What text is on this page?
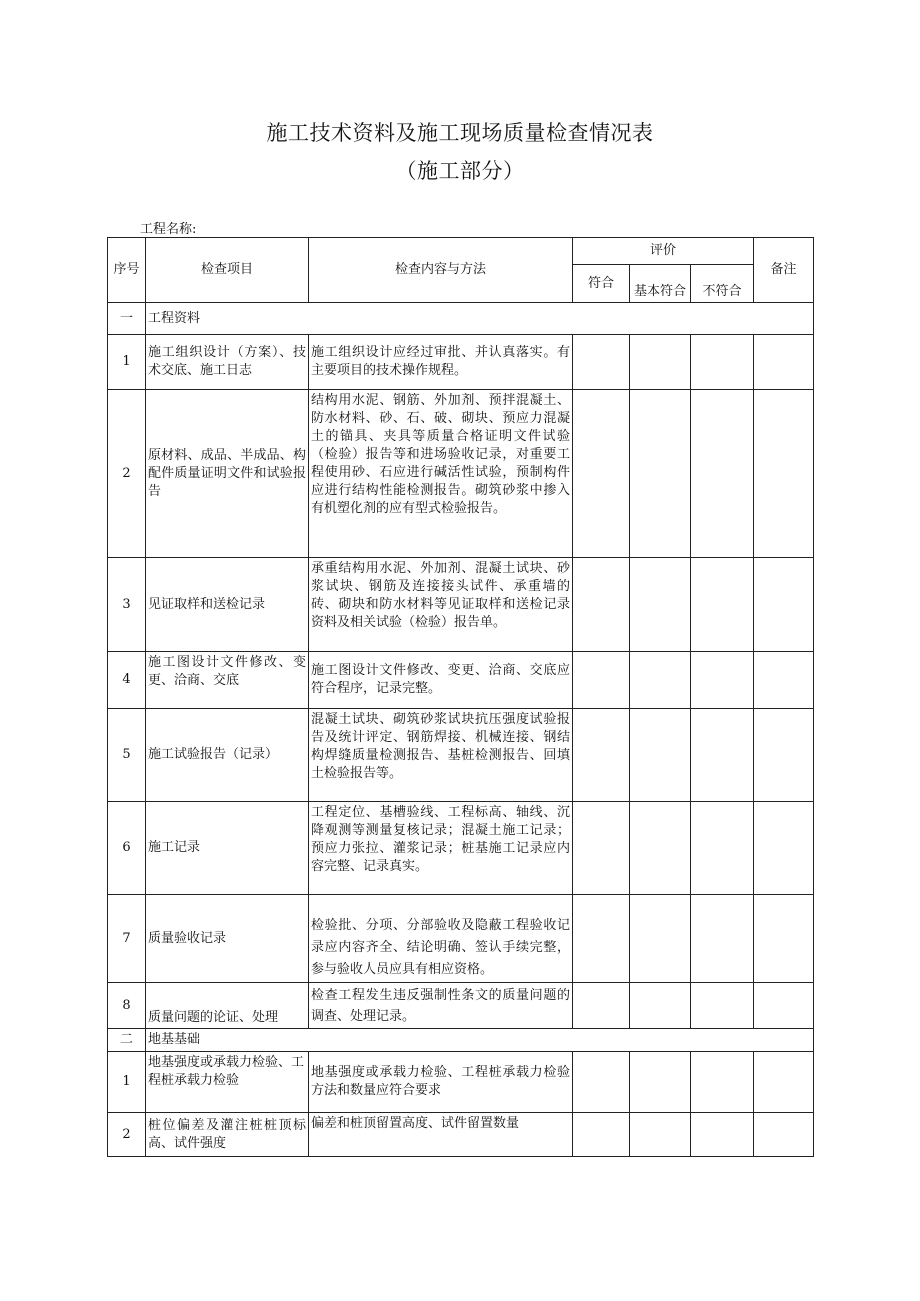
施工技术资料及施工现场质量检查情况表
（施工部分）
工程名称:
序号	检查项目	检查内容与方法	评价			备注
			符合	基本符合	不符合	
一	工程资料					
1	施工组织设计（方案）、技术交底、施工日志	施工组织设计应经过审批、并认真落实。有主要项目的技术操作规程。				
2	原材料、成品、半成品、构配件质量证明文件和试验报告	结构用水泥、钢筋、外加剂、预拌混凝土、防水材料、砂、石、破、砌块、预应力混凝土的锚具、夹具等质量合格证明文件试验（检验）报告等和进场验收记录，对重要工程使用砂、石应进行碱活性试验，预制构件应进行结构性能检测报告。砌筑砂浆中掺入有机塑化剂的应有型式检验报告。				
3	见证取样和送检记录	承重结构用水泥、外加剂、混凝土试块、砂浆试块、钢筋及连接接头试件、承重墙的砖、砌块和防水材料等见证取样和送检记录资料及相关试验（检验）报告单。				
4	施工图设计文件修改、变更、洽商、交底	施工图设计文件修改、变更、洽商、交底应符合程序，记录完整。				
5	施工试验报告（记录）	混凝土试块、砌筑砂浆试块抗压强度试验报告及统计评定、钢筋焊接、机械连接、钢结构焊缝质量检测报告、基桩检测报告、回填土检验报告等。				
6	施工记录	工程定位、基槽验线、工程标高、轴线、沉降观测等测量复核记录；混凝土施工记录；预应力张拉、灌浆记录；桩基施工记录应内容完整、记录真实。				
7	质量验收记录	检验批、分项、分部验收及隐蔽工程验收记录应内容齐全、结论明确、签认手续完整，参与验收人员应具有相应资格。				
8	质量问题的论证、处理	检查工程发生违反强制性条文的质量问题的调查、处理记录。				
二	地基基础					
1	地基强度或承载力检验、工程桩承载力检验	地基强度或承载力检验、工程桩承载力检验方法和数量应符合要求				
2	桩位偏差及灌注桩桩顶标高、试件强度	偏差和桩顶留置高度、试件留置数量				
